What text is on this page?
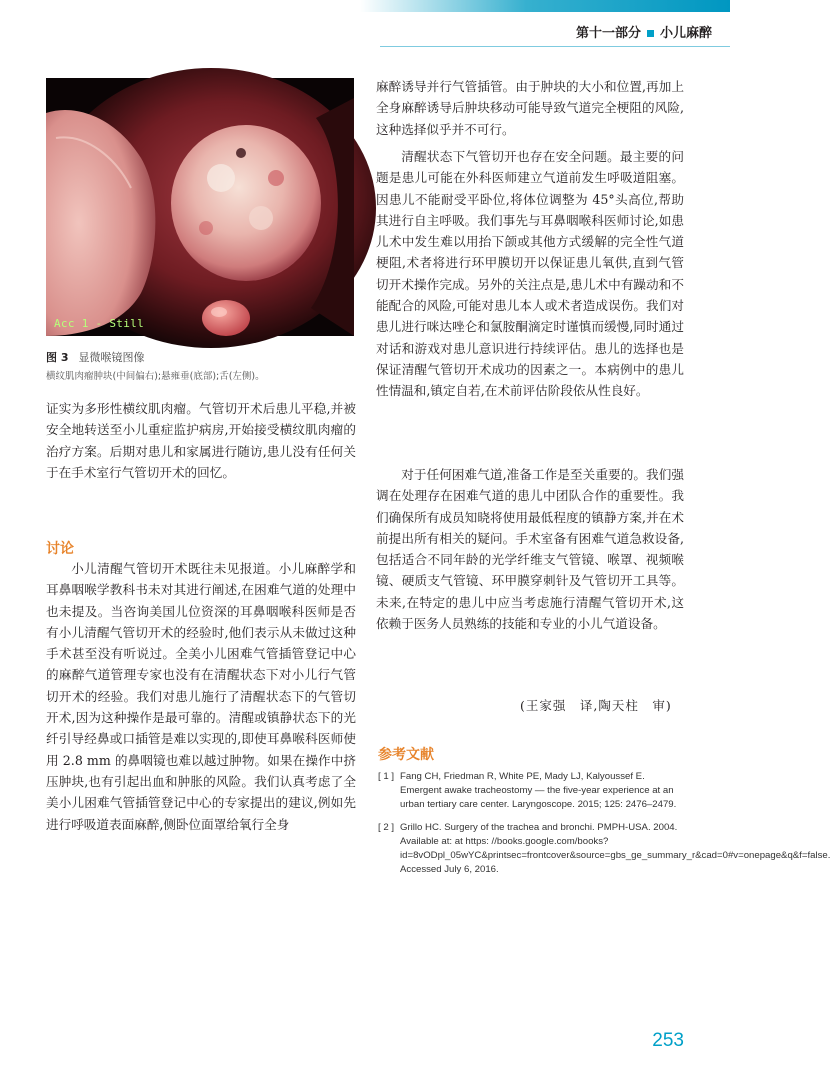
第十一部分 小儿麻醉
Acc 1 - Still
图 3 显微喉镜图像
横纹肌肉瘤肿块(中间偏右);悬雍垂(底部);舌(左侧)。

证实为多形性横纹肌肉瘤。气管切开术后患儿平稳,并被安全地转送至小儿重症监护病房,开始接受横纹肌肉瘤的治疗方案。后期对患儿和家属进行随访,患儿没有任何关于在手术室行气管切开术的回忆。

讨论

小儿清醒气管切开术既往未见报道。小儿麻醉学和耳鼻咽喉学教科书未对其进行阐述,在困难气道的处理中也未提及。当咨询美国儿位资深的耳鼻咽喉科医师是否有小儿清醒气管切开术的经验时,他们表示从未做过这种手术甚至没有听说过。全美小儿困难气管插管登记中心的麻醉气道管理专家也没有在清醒状态下对小儿行气管切开术的经验。我们对患儿施行了清醒状态下的气管切开术,因为这种操作是最可靠的。清醒或镇静状态下的光纤引导经鼻或口插管是难以实现的,即使耳鼻喉科医师使用 2.8 mm 的鼻咽镜也难以越过肿物。如果在操作中挤压肿块,也有引起出血和肿胀的风险。我们认真考虑了全美小儿困难气管插管登记中心的专家提出的建议,例如先进行呼吸道表面麻醉,侧卧位面罩给氧行全身

麻醉诱导并行气管插管。由于肿块的大小和位置,再加上全身麻醉诱导后肿块移动可能导致气道完全梗阻的风险,这种选择似乎并不可行。

清醒状态下气管切开也存在安全问题。最主要的问题是患儿可能在外科医师建立气道前发生呼吸道阻塞。因患儿不能耐受平卧位,将体位调整为 45°头高位,帮助其进行自主呼吸。我们事先与耳鼻咽喉科医师讨论,如患儿术中发生难以用抬下颌或其他方式缓解的完全性气道梗阻,术者将进行环甲膜切开以保证患儿氧供,直到气管切开术操作完成。另外的关注点是,患儿术中有躁动和不能配合的风险,可能对患儿本人或术者造成误伤。我们对患儿进行咪达唑仑和氯胺酮滴定时谨慎而缓慢,同时通过对话和游戏对患儿意识进行持续评估。患儿的选择也是保证清醒气管切开术成功的因素之一。本病例中的患儿性情温和,镇定自若,在术前评估阶段依从性良好。

对于任何困难气道,准备工作是至关重要的。我们强调在处理存在困难气道的患儿中团队合作的重要性。我们确保所有成员知晓将使用最低程度的镇静方案,并在术前提出所有相关的疑问。手术室备有困难气道急救设备,包括适合不同年龄的光学纤维支气管镜、喉罩、视频喉镜、硬质支气管镜、环甲膜穿刺针及气管切开工具等。未来,在特定的患儿中应当考虑施行清醒气管切开术,这依赖于医务人员熟练的技能和专业的小儿气道设备。

(王家强　译,陶天柱　审)
参考文献
[ 1 ] Fang CH, Friedman R, White PE, Mady LJ, Kalyoussef E. Emergent awake tracheostomy — the five-year experience at an urban tertiary care center. Laryngoscope. 2015; 125: 2476–2479.
[ 2 ] Grillo HC. Surgery of the trachea and bronchi. PMPH-USA. 2004. Available at: at https: //books.google.com/books?id=8vODpl_05wYC&printsec=frontcover&source=gbs_ge_summary_r&cad=0#v=onepage&q&f=false. Accessed July 6, 2016.
253
